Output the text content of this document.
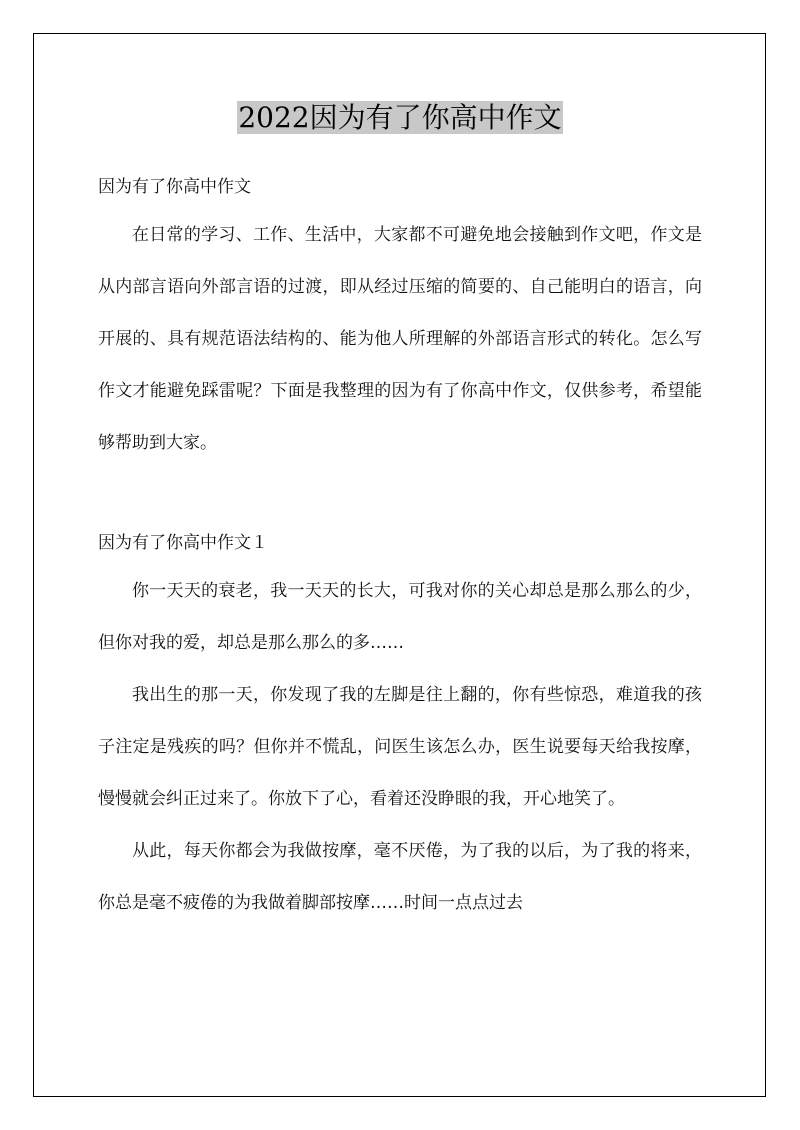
2022因为有了你高中作文

因为有了你高中作文

在日常的学习、工作、生活中，大家都不可避免地会接触到作文吧，作文是从内部言语向外部言语的过渡，即从经过压缩的简要的、自己能明白的语言，向开展的、具有规范语法结构的、能为他人所理解的外部语言形式的转化。怎么写作文才能避免踩雷呢？下面是我整理的因为有了你高中作文，仅供参考，希望能够帮助到大家。

因为有了你高中作文１

你一天天的衰老，我一天天的长大，可我对你的关心却总是那么那么的少，但你对我的爱，却总是那么那么的多……

我出生的那一天，你发现了我的左脚是往上翻的，你有些惊恐，难道我的孩子注定是残疾的吗？但你并不慌乱，问医生该怎么办，医生说要每天给我按摩，慢慢就会纠正过来了。你放下了心，看着还没睁眼的我，开心地笑了。

从此，每天你都会为我做按摩，毫不厌倦，为了我的以后，为了我的将来，你总是毫不疲倦的为我做着脚部按摩……时间一点点过去
